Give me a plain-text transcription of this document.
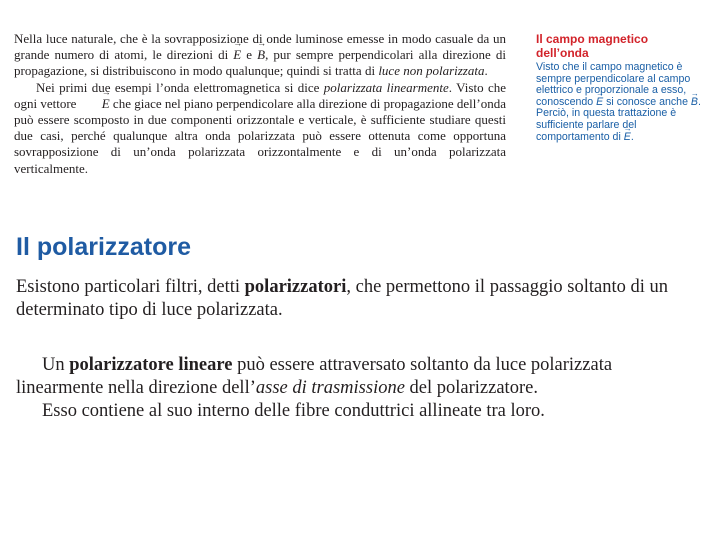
Nella luce naturale, che è la sovrapposizione di onde luminose emesse in modo casuale da un grande numero di atomi, le direzioni di → E e → B, pur sempre perpendicolari alla direzione di propagazione, si distribuiscono in modo qualunque; quindi si tratta di luce non polarizzata.

Nei primi due esempi l’onda elettromagnetica si dice polarizzata linearmente. Visto che ogni vettore → E che giace nel piano perpendicolare alla direzione di propagazione dell’onda può essere scomposto in due componenti orizzontale e verticale, è sufficiente studiare questi due casi, perché qualunque altra onda polarizzata può essere ottenuta come opportuna sovrapposizione di un’onda polarizzata orizzontalmente e di un’onda polarizzata verticalmente.

Il campo magnetico
dell’onda

Visto che il campo magnetico è sempre perpendicolare al campo elettrico e proporzionale a esso, conoscendo → E si conosce anche → B. Perciò, in questa trattazione è sufficiente parlare del comportamento di → E.

Il polarizzatore

Esistono particolari filtri, detti polarizzatori, che permettono il passaggio soltanto di un determinato tipo di luce polarizzata.

Un polarizzatore lineare può essere attraversato soltanto da luce polarizzata linearmente nella direzione dell’asse di trasmissione del polarizzatore.

Esso contiene al suo interno delle fibre conduttrici allineate tra loro.
